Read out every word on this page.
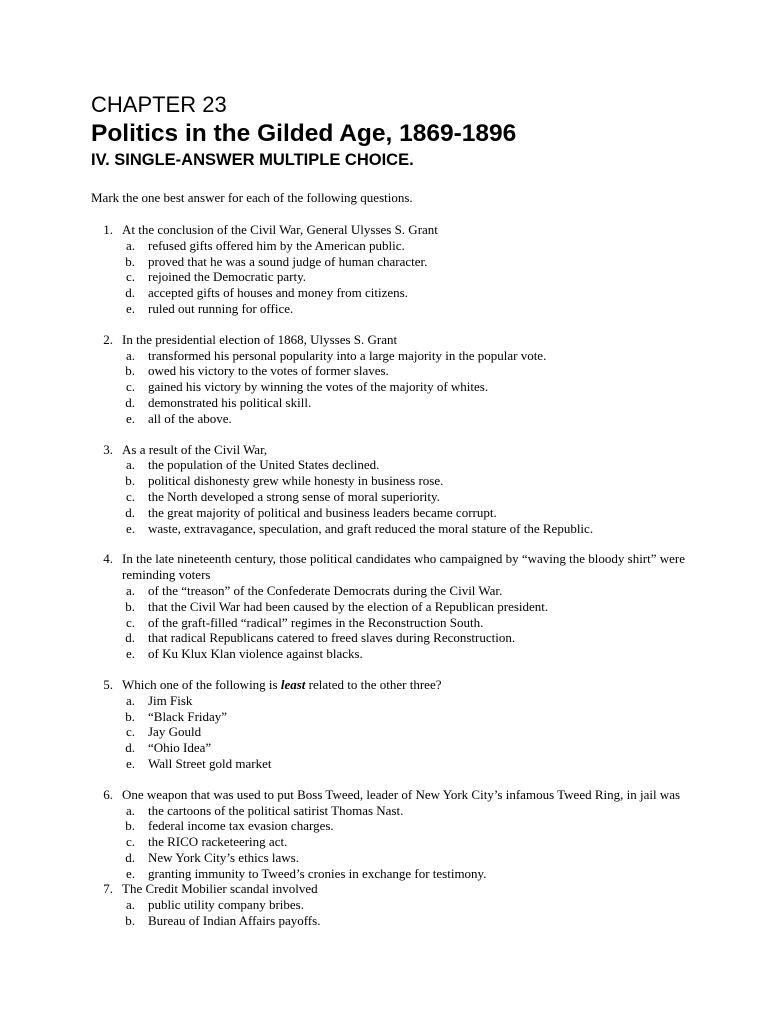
CHAPTER 23
Politics in the Gilded Age, 1869-1896
IV. SINGLE-ANSWER MULTIPLE CHOICE.
Mark the one best answer for each of the following questions.
1. At the conclusion of the Civil War, General Ulysses S. Grant
a.	refused gifts offered him by the American public.
b.	proved that he was a sound judge of human character.
c.	rejoined the Democratic party.
d.	accepted gifts of houses and money from citizens.
e.	ruled out running for office.
2. In the presidential election of 1868, Ulysses S. Grant
a.	transformed his personal popularity into a large majority in the popular vote.
b.	owed his victory to the votes of former slaves.
c.	gained his victory by winning the votes of the majority of whites.
d.	demonstrated his political skill.
e.	all of the above.
3. As a result of the Civil War,
a.	the population of the United States declined.
b.	political dishonesty grew while honesty in business rose.
c.	the North developed a strong sense of moral superiority.
d.	the great majority of political and business leaders became corrupt.
e.	waste, extravagance, speculation, and graft reduced the moral stature of the Republic.
4. In the late nineteenth century, those political candidates who campaigned by “waving the bloody shirt” were reminding voters
a.	of the “treason” of the Confederate Democrats during the Civil War.
b.	that the Civil War had been caused by the election of a Republican president.
c.	of the graft-filled “radical” regimes in the Reconstruction South.
d.	that radical Republicans catered to freed slaves during Reconstruction.
e.	of Ku Klux Klan violence against blacks.
5. Which one of the following is least related to the other three?
a.	Jim Fisk
b.	“Black Friday”
c.	Jay Gould
d.	“Ohio Idea”
e.	Wall Street gold market
6. One weapon that was used to put Boss Tweed, leader of New York City’s infamous Tweed Ring, in jail was
a.	the cartoons of the political satirist Thomas Nast.
b.	federal income tax evasion charges.
c.	the RICO racketeering act.
d.	New York City’s ethics laws.
e.	granting immunity to Tweed’s cronies in exchange for testimony.
7. The Credit Mobilier scandal involved
a.	public utility company bribes.
b.	Bureau of Indian Affairs payoffs.
